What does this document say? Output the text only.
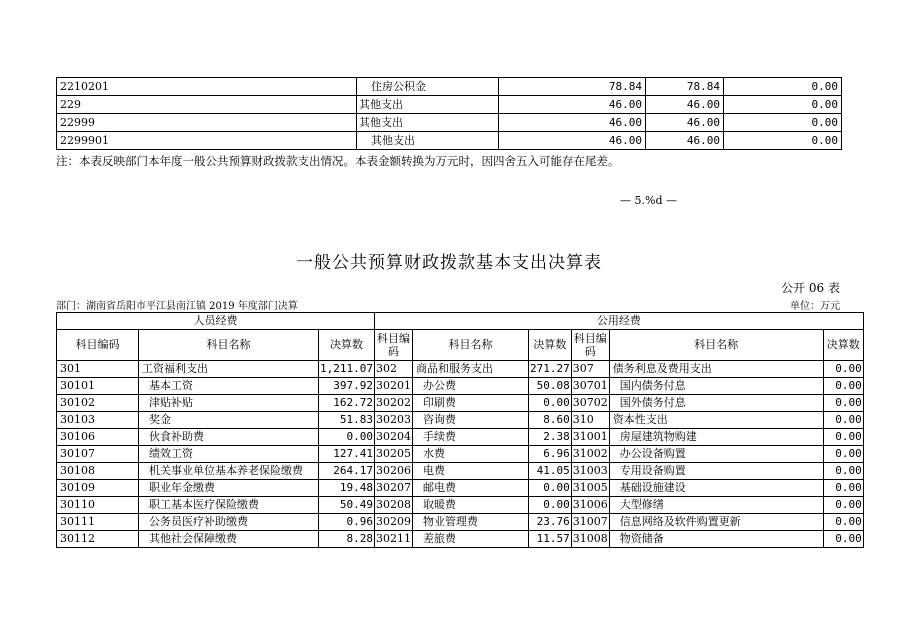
2210201	住房公积金	78.84	78.84	0.00
229	其他支出	46.00	46.00	0.00
22999	其他支出	46.00	46.00	0.00
2299901	其他支出	46.00	46.00	0.00
注：本表反映部门本年度一般公共预算财政拨款支出情况。本表金额转换为万元时，因四舍五入可能存在尾差。
— 5.%d —
一般公共预算财政拨款基本支出决算表
公开 06 表
部门：湖南省岳阳市平江县南江镇 2019 年度部门决算	单位：万元
人员经费			公用经费					
科目编码	科目名称	决算数	科目编码	科目名称	决算数	科目编码	科目名称	决算数
301	工资福利支出	1,211.07	302	商品和服务支出	271.27	307	债务利息及费用支出	0.00
30101	基本工资	397.92	30201	办公费	50.08	30701	国内债务付息	0.00
30102	津贴补贴	162.72	30202	印刷费	0.00	30702	国外债务付息	0.00
30103	奖金	51.83	30203	咨询费	8.60	310	资本性支出	0.00
30106	伙食补助费	0.00	30204	手续费	2.38	31001	房屋建筑物购建	0.00
30107	绩效工资	127.41	30205	水费	6.96	31002	办公设备购置	0.00
30108	机关事业单位基本养老保险缴费	264.17	30206	电费	41.05	31003	专用设备购置	0.00
30109	职业年金缴费	19.48	30207	邮电费	0.00	31005	基础设施建设	0.00
30110	职工基本医疗保险缴费	50.49	30208	取暖费	0.00	31006	大型修缮	0.00
30111	公务员医疗补助缴费	0.96	30209	物业管理费	23.76	31007	信息网络及软件购置更新	0.00
30112	其他社会保障缴费	8.28	30211	差旅费	11.57	31008	物资储备	0.00
